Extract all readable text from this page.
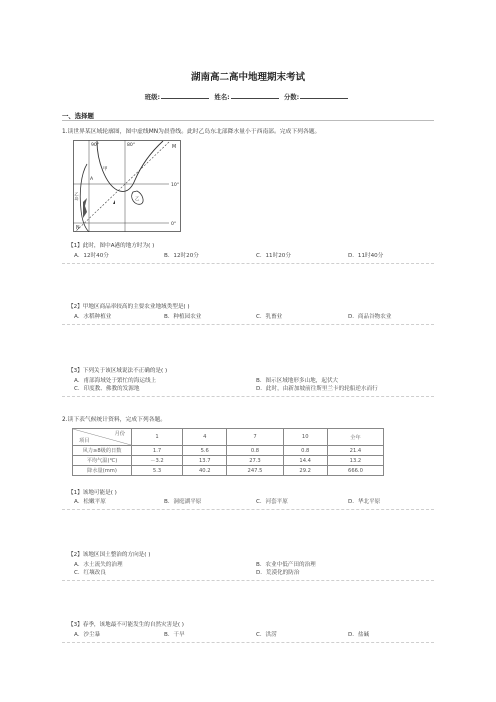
湖南高二高中地理期末考试
班级:	姓名:	分数:
一、选择题
1.读世界某区域轮廓图，图中虚线MN为晨昏线。此时乙岛东北部降水量小于西南部。完成下列各题。
90°	80°
10°
0°
M
N
A
甲
乙
乙岛
【1】此时，图中A港的地方时为( )
A．12时40分	B．12时20分	C．11时20分	D．11时40分
【2】甲地区商品率较高的主要农业地域类型是( )
A．水稻种植业	B．种植园农业	C．乳畜业	D．商品谷物农业
【3】下列关于该区域说法不正确的是( )
A．甫部海域处于繁忙的海运线上	B．图示区域地形多山地，起伏大
C．印度教、佛教的发源地	D．此时，由新加坡前往斯里兰卡的轮船逆水而行
2.读下表气候统计资料，完成下列各题。
月份
项目	1	4	7	10	全年
风力≥8级的日数	1.7	5.6	0.8	0.8	21.4
平均气温(℃)	－3.2	13.7	27.3	14.4	13.2
降水量(mm)	5.3	40.2	247.5	29.2	666.0
【1】该地可能是( )
A．松嫩平原	B．洞庭湖平原	C．河套平原	D．华北平原
【2】该地区国土整治的方向是( )
A．水土流失的治理	B．农业中低产田的治理
C．红壤改良	D．荒漠化的防治
【3】春季，该地最不可能发生的自然灾害是( )
A．沙尘暴	B．干旱	C．洪涝	D．盐碱
